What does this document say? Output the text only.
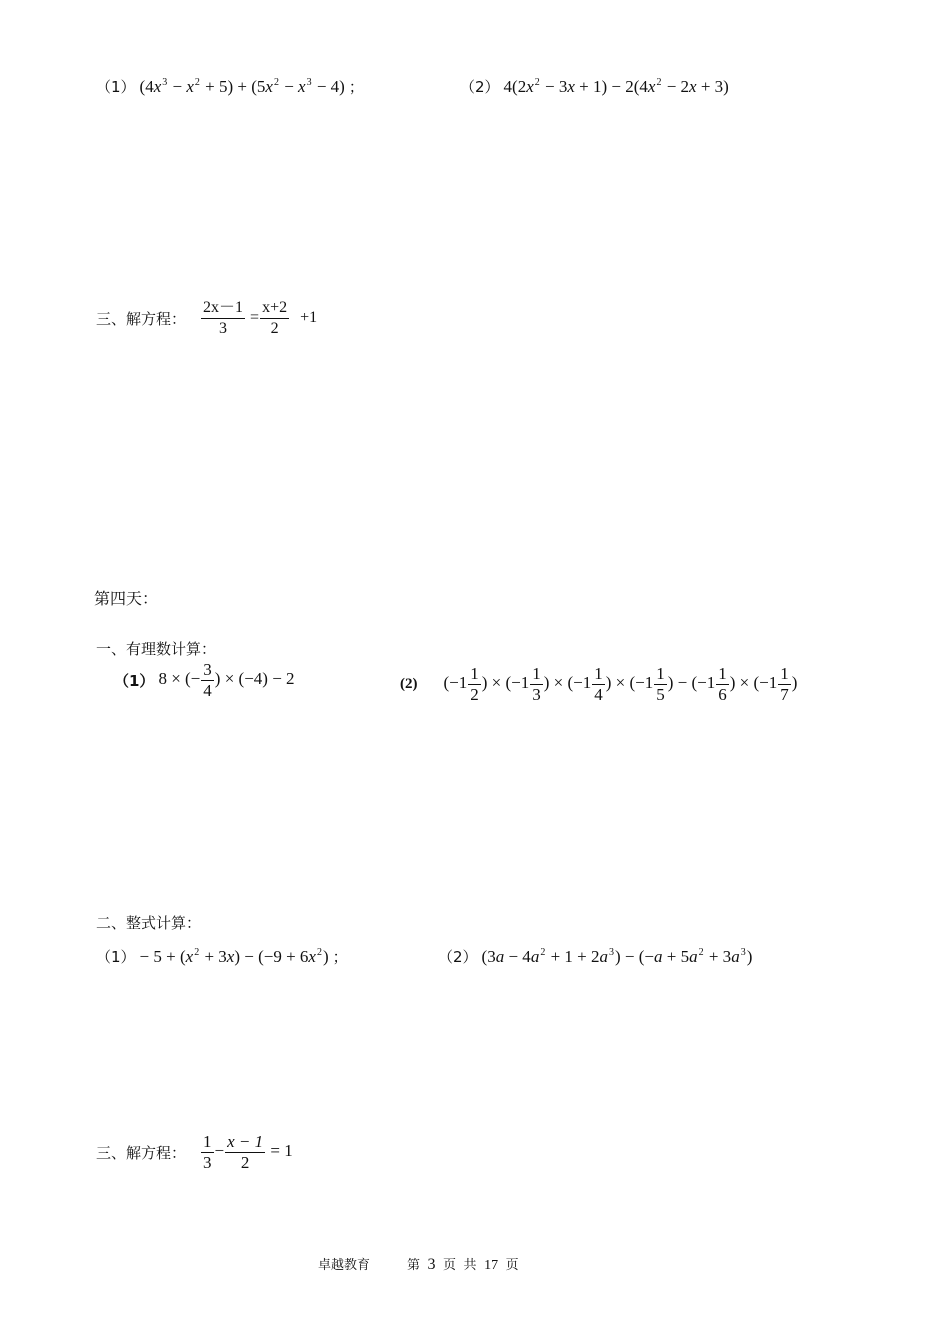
（1） $(4x^3 - x^2 + 5) + (5x^2 - x^3 - 4)$ ；	（2） $4(2x^2 - 3x + 1) - 2(4x^2 - 2x + 3)$
三、解方程： $\frac{2x-1}{3} = \frac{x+2}{2} +1$
第四天：
一、有理数计算：
（1） 8 × (− $\frac{3}{4}$ ) × (−4) − 2	(2) ($-1 \frac{1}{2}$ ) × ($-1 \frac{1}{3}$ ) × ($-1 \frac{1}{4}$ ) × ($-1 \frac{1}{5}$ ) − ($-1 \frac{1}{6}$ ) × ($-1 \frac{1}{7}$ )
二、整式计算：
$(1) - 5 + (x^2 + 3x) - (-9 + 6x^2)$ ；	（2） $(3a - 4a^2 + 1 + 2a^3) - (-a + 5a^2 + 3a^3)$
三、解方程： $\frac{1}{3} - \frac{x - 1}{2} = 1$
卓越教育	第 3 页 共 17 页
